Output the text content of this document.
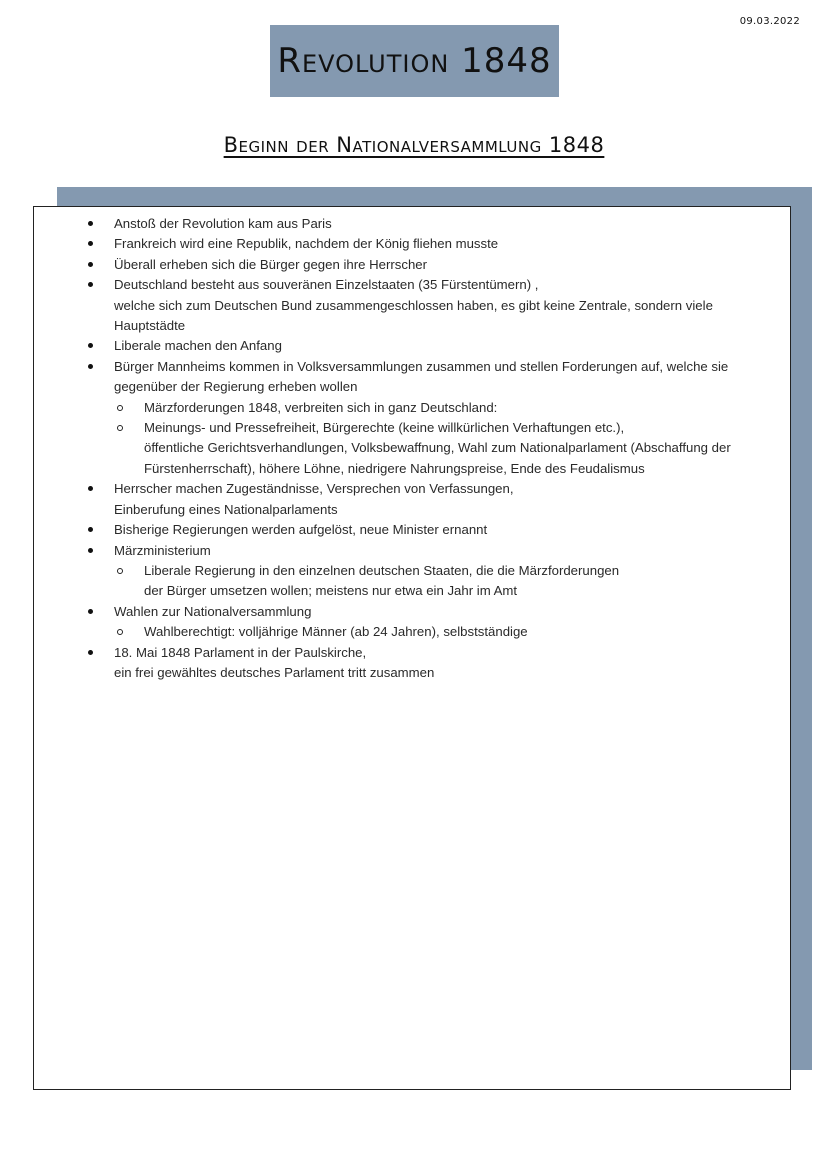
09.03.2022
Revolution 1848
Beginn der Nationalversammlung 1848
Anstoß der Revolution kam aus Paris
Frankreich wird eine Republik, nachdem der König fliehen musste
Überall erheben sich die Bürger gegen ihre Herrscher
Deutschland besteht aus souveränen Einzelstaaten (35 Fürstentümern) ,
welche sich zum Deutschen Bund zusammengeschlossen haben, es gibt keine Zentrale, sondern viele
Hauptstädte
Liberale machen den Anfang
Bürger Mannheims kommen in Volksversammlungen zusammen und stellen Forderungen auf, welche sie
gegenüber der Regierung erheben wollen
Märzforderungen 1848, verbreiten sich in ganz Deutschland:
Meinungs- und Pressefreiheit, Bürgerechte (keine willkürlichen Verhaftungen etc.),
öffentliche Gerichtsverhandlungen, Volksbewaffnung, Wahl zum Nationalparlament (Abschaffung der
Fürstenherrschaft), höhere Löhne, niedrigere Nahrungspreise, Ende des Feudalismus
Herrscher machen Zugeständnisse, Versprechen von Verfassungen,
Einberufung eines Nationalparlaments
Bisherige Regierungen werden aufgelöst, neue Minister ernannt
Märzministerium
Liberale Regierung in den einzelnen deutschen Staaten, die die Märzforderungen
der Bürger umsetzen wollen; meistens nur etwa ein Jahr im Amt
Wahlen zur Nationalversammlung
Wahlberechtigt: volljährige Männer (ab 24 Jahren), selbstständige
18. Mai 1848 Parlament in der Paulskirche,
ein frei gewähltes deutsches Parlament tritt zusammen
